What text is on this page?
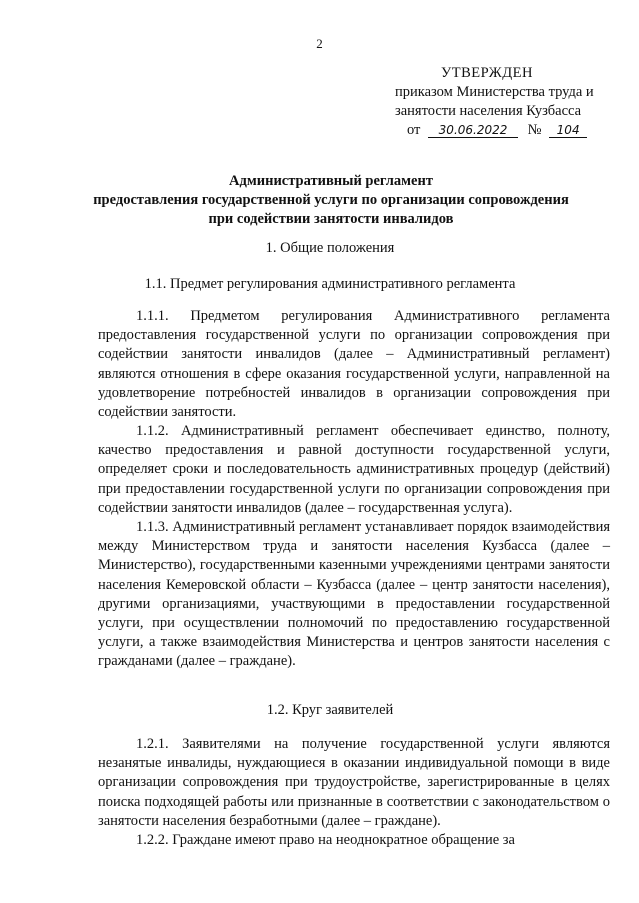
2
УТВЕРЖДЕН
приказом Министерства труда и
занятости населения Кузбасса
от 30.06.2022 № 104
Административный регламент
предоставления государственной услуги по организации сопровождения
при содействии занятости инвалидов
1. Общие положения
1.1. Предмет регулирования административного регламента
1.1.1. Предметом регулирования Административного регламента предоставления государственной услуги по организации сопровождения при содействии занятости инвалидов (далее – Административный регламент) являются отношения в сфере оказания государственной услуги, направленной на удовлетворение потребностей инвалидов в организации сопровождения при содействии занятости.
1.1.2. Административный регламент обеспечивает единство, полноту, качество предоставления и равной доступности государственной услуги, определяет сроки и последовательность административных процедур (действий) при предоставлении государственной услуги по организации сопровождения при содействии занятости инвалидов (далее – государственная услуга).
1.1.3. Административный регламент устанавливает порядок взаимодействия между Министерством труда и занятости населения Кузбасса (далее – Министерство), государственными казенными учреждениями центрами занятости населения Кемеровской области – Кузбасса (далее – центр занятости населения), другими организациями, участвующими в предоставлении государственной услуги, при осуществлении полномочий по предоставлению государственной услуги, а также взаимодействия Министерства и центров занятости населения с гражданами (далее – граждане).
1.2. Круг заявителей
1.2.1. Заявителями на получение государственной услуги являются незанятые инвалиды, нуждающиеся в оказании индивидуальной помощи в виде организации сопровождения при трудоустройстве, зарегистрированные в целях поиска подходящей работы или признанные в соответствии с законодательством о занятости населения безработными (далее – граждане).
1.2.2. Граждане имеют право на неоднократное обращение за
